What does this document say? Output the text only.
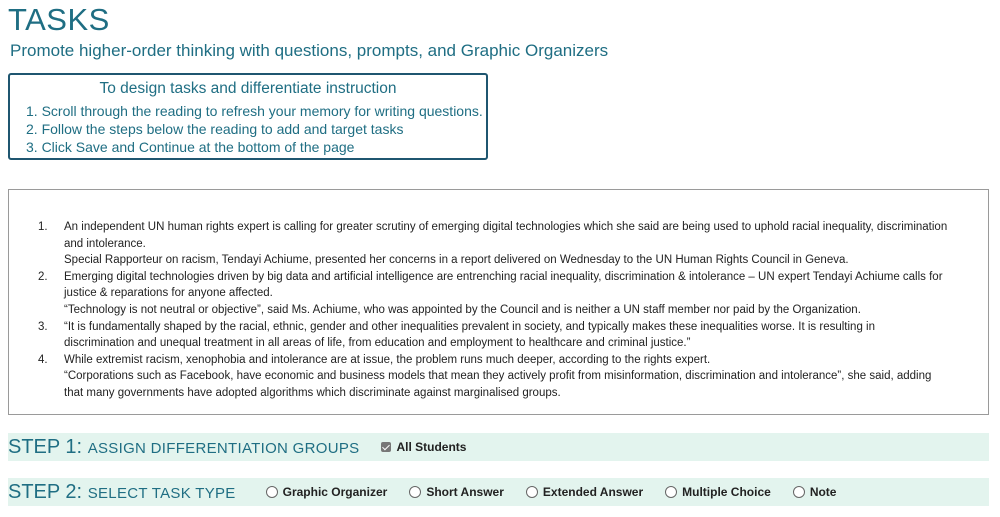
TASKS

Promote higher-order thinking with questions, prompts, and Graphic Organizers

To design tasks and differentiate instruction
1. Scroll through the reading to refresh your memory for writing questions.
2. Follow the steps below the reading to add and target tasks
3. Click Save and Continue at the bottom of the page
1. An independent UN human rights expert is calling for greater scrutiny of emerging digital technologies which she said are being used to uphold racial inequality, discrimination and intolerance.

Special Rapporteur on racism, Tendayi Achiume, presented her concerns in a report delivered on Wednesday to the UN Human Rights Council in Geneva.

2. Emerging digital technologies driven by big data and artificial intelligence are entrenching racial inequality, discrimination & intolerance – UN expert Tendayi Achiume calls for justice & reparations for anyone affected.

“Technology is not neutral or objective”, said Ms. Achiume, who was appointed by the Council and is neither a UN staff member nor paid by the Organization.

3. “It is fundamentally shaped by the racial, ethnic, gender and other inequalities prevalent in society, and typically makes these inequalities worse. It is resulting in discrimination and unequal treatment in all areas of life, from education and employment to healthcare and criminal justice.”

4. While extremist racism, xenophobia and intolerance are at issue, the problem runs much deeper, according to the rights expert.

“Corporations such as Facebook, have economic and business models that mean they actively profit from misinformation, discrimination and intolerance”, she said, adding that many governments have adopted algorithms which discriminate against marginalised groups.

STEP 1: ASSIGN DIFFERENTIATION GROUPS	All Students
STEP 2: SELECT TASK TYPE	Graphic Organizer	Short Answer	Extended Answer	Multiple Choice	Note
